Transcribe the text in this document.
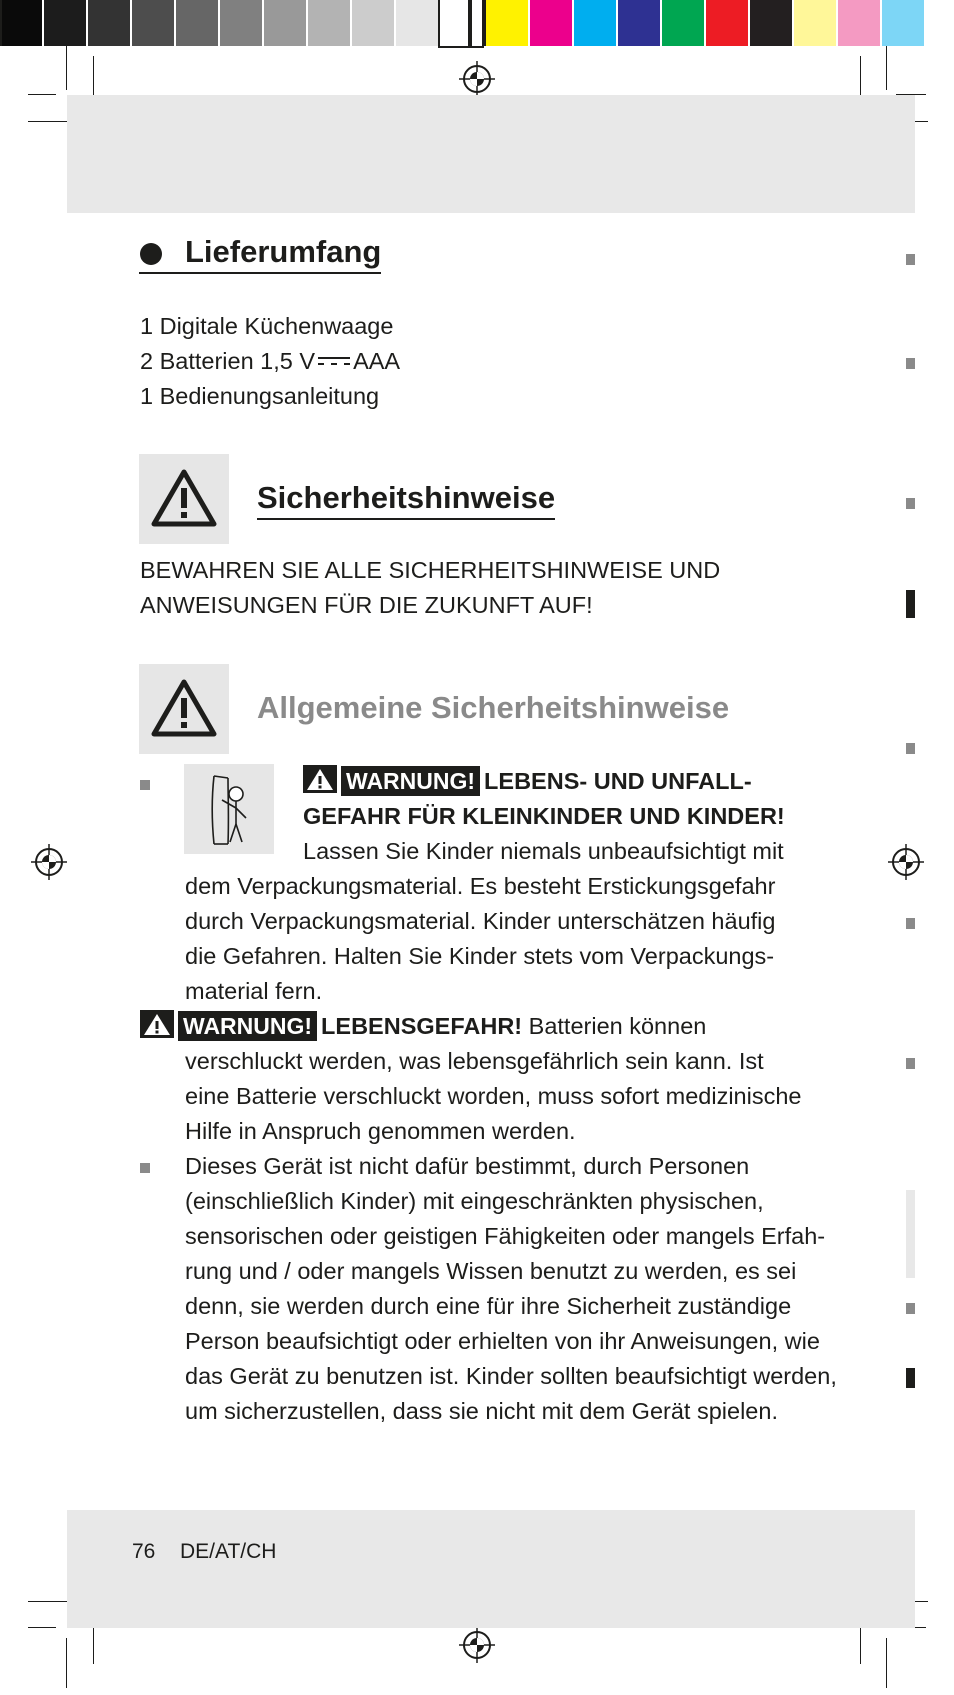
Lieferumfang
1 Digitale Küchenwaage
2 Batterien 1,5 V AAA
1 Bedienungsanleitung
Sicherheitshinweise
BEWAHREN SIE ALLE SICHERHEITSHINWEISE UND
ANWEISUNGEN FÜR DIE ZUKUNFT AUF!
Allgemeine Sicherheitshinweise
WARNUNG! LEBENS- UND UNFALL-
GEFAHR FÜR KLEINKINDER UND KINDER!
Lassen Sie Kinder niemals unbeaufsichtigt mit
dem Verpackungsmaterial. Es besteht Erstickungsgefahr
durch Verpackungsmaterial. Kinder unterschätzen häufig
die Gefahren. Halten Sie Kinder stets vom Verpackungs-
material fern.
WARNUNG! LEBENSGEFAHR! Batterien können
verschluckt werden, was lebensgefährlich sein kann. Ist
eine Batterie verschluckt worden, muss sofort medizinische
Hilfe in Anspruch genommen werden.
Dieses Gerät ist nicht dafür bestimmt, durch Personen
(einschließlich Kinder) mit eingeschränkten physischen,
sensorischen oder geistigen Fähigkeiten oder mangels Erfah-
rung und / oder mangels Wissen benutzt zu werden, es sei
denn, sie werden durch eine für ihre Sicherheit zuständige
Person beaufsichtigt oder erhielten von ihr Anweisungen, wie
das Gerät zu benutzen ist. Kinder sollten beaufsichtigt werden,
um sicherzustellen, dass sie nicht mit dem Gerät spielen.
76 DE/AT/CH
